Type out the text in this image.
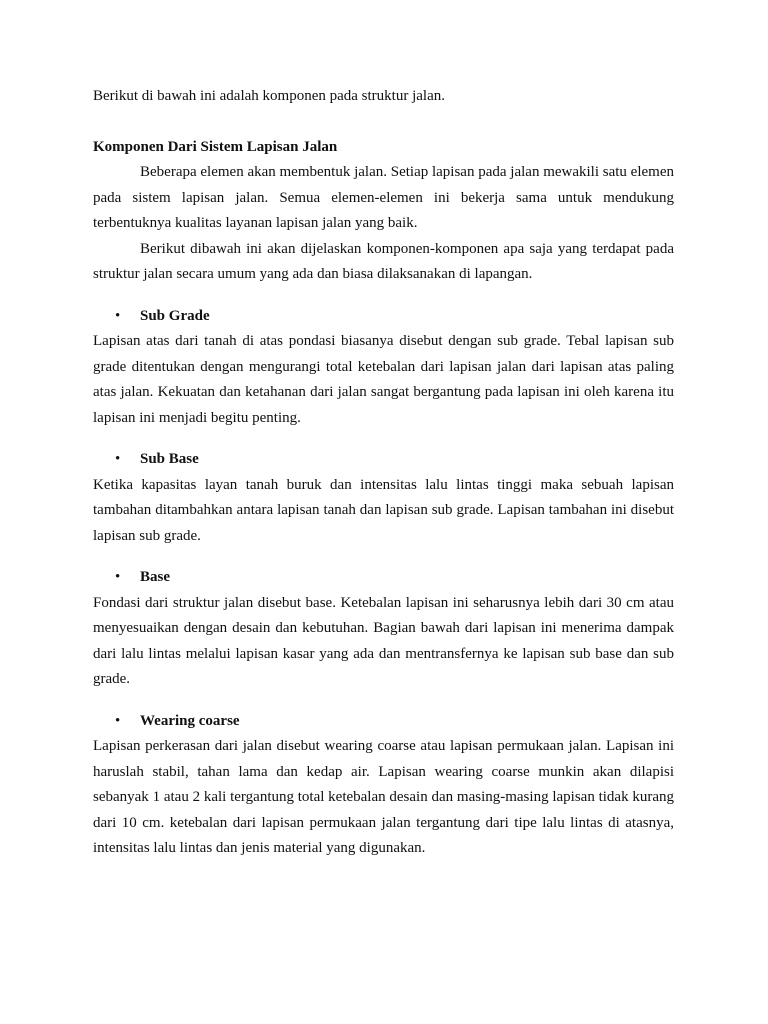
Berikut di bawah ini adalah komponen pada struktur jalan.

Komponen Dari Sistem Lapisan Jalan

Beberapa elemen akan membentuk jalan. Setiap lapisan pada jalan mewakili satu elemen pada sistem lapisan jalan. Semua elemen-elemen ini bekerja sama untuk mendukung terbentuknya kualitas layanan lapisan jalan yang baik.

Berikut dibawah ini akan dijelaskan komponen-komponen apa saja yang terdapat pada struktur jalan secara umum yang ada dan biasa dilaksanakan di lapangan.

• Sub Grade

Lapisan atas dari tanah di atas pondasi biasanya disebut dengan sub grade. Tebal lapisan sub grade ditentukan dengan mengurangi total ketebalan dari lapisan jalan dari lapisan atas paling atas jalan. Kekuatan dan ketahanan dari jalan sangat bergantung pada lapisan ini oleh karena itu lapisan ini menjadi begitu penting.

• Sub Base

Ketika kapasitas layan tanah buruk dan intensitas lalu lintas tinggi maka sebuah lapisan tambahan ditambahkan antara lapisan tanah dan lapisan sub grade. Lapisan tambahan ini disebut lapisan sub grade.

• Base

Fondasi dari struktur jalan disebut base. Ketebalan lapisan ini seharusnya lebih dari 30 cm atau menyesuaikan dengan desain dan kebutuhan. Bagian bawah dari lapisan ini menerima dampak dari lalu lintas melalui lapisan kasar yang ada dan mentransfernya ke lapisan sub base dan sub grade.

• Wearing coarse

Lapisan perkerasan dari jalan disebut wearing coarse atau lapisan permukaan jalan. Lapisan ini haruslah stabil, tahan lama dan kedap air. Lapisan wearing coarse munkin akan dilapisi sebanyak 1 atau 2 kali tergantung total ketebalan desain dan masing-masing lapisan tidak kurang dari 10 cm. ketebalan dari lapisan permukaan jalan tergantung dari tipe lalu lintas di atasnya, intensitas lalu lintas dan jenis material yang digunakan.
